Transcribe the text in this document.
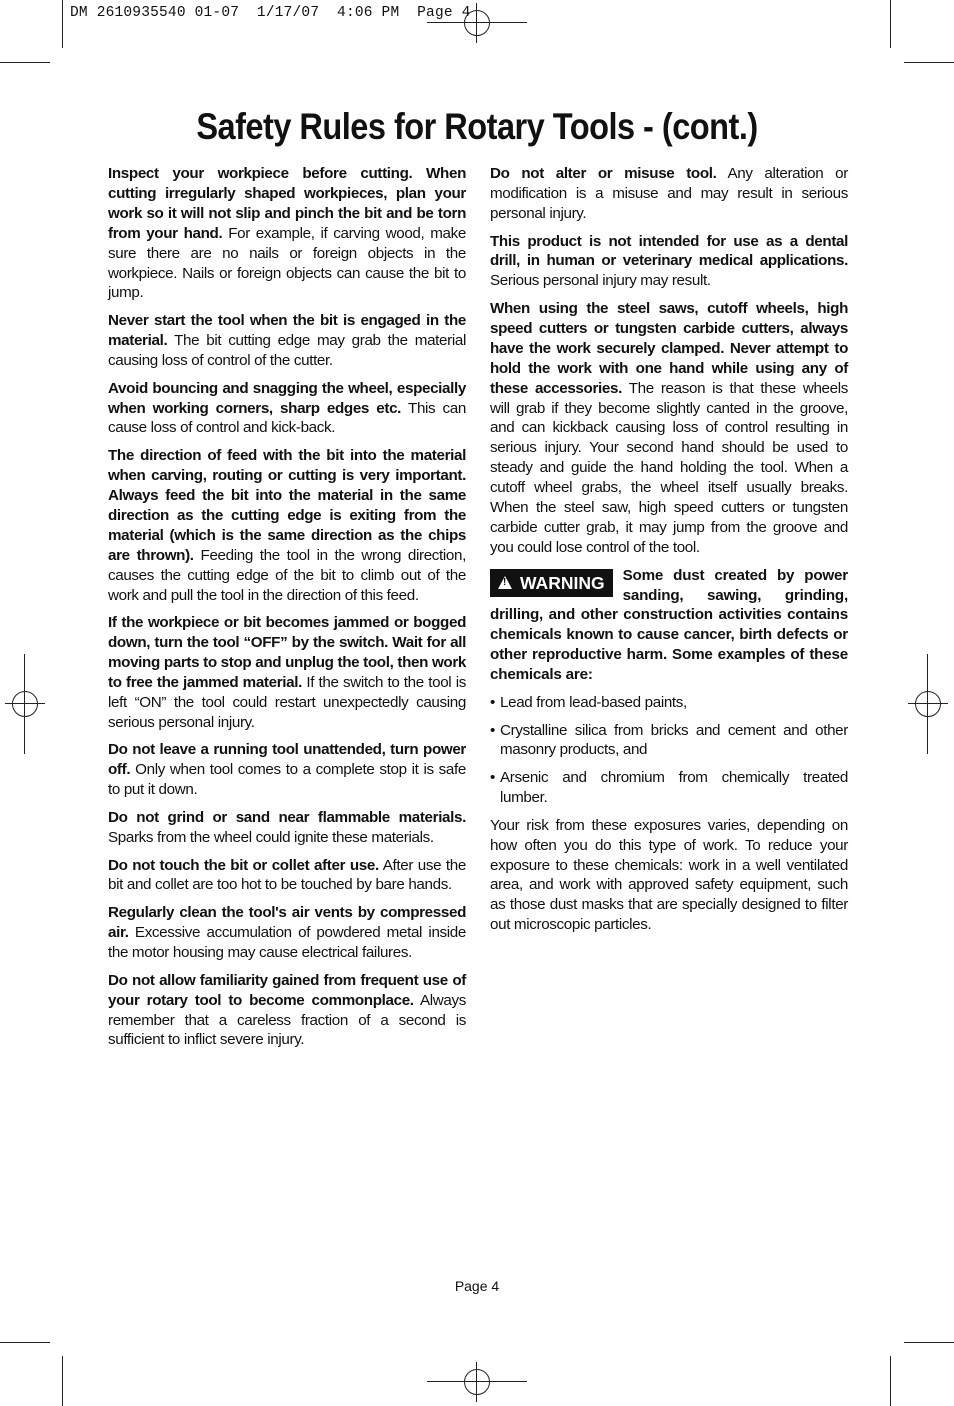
DM 2610935540 01-07  1/17/07  4:06 PM  Page 4
Safety Rules for Rotary Tools - (cont.)

Inspect your workpiece before cutting. When cutting irregularly shaped workpieces, plan your work so it will not slip and pinch the bit and be torn from your hand. For example, if carving wood, make sure there are no nails or foreign objects in the workpiece. Nails or foreign objects can cause the bit to jump.

Never start the tool when the bit is engaged in the material. The bit cutting edge may grab the material causing loss of control of the cutter.

Avoid bouncing and snagging the wheel, especially when working corners, sharp edges etc. This can cause loss of control and kick-back.

The direction of feed with the bit into the material when carving, routing or cutting is very important. Always feed the bit into the material in the same direction as the cutting edge is exiting from the material (which is the same direction as the chips are thrown). Feeding the tool in the wrong direction, causes the cutting edge of the bit to climb out of the work and pull the tool in the direction of this feed.

If the workpiece or bit becomes jammed or bogged down, turn the tool “OFF” by the switch. Wait for all moving parts to stop and unplug the tool, then work to free the jammed material. If the switch to the tool is left “ON” the tool could restart unexpectedly causing serious personal injury.

Do not leave a running tool unattended, turn power off. Only when tool comes to a complete stop it is safe to put it down.

Do not grind or sand near flammable materials. Sparks from the wheel could ignite these materials.

Do not touch the bit or collet after use. After use the bit and collet are too hot to be touched by bare hands.

Regularly clean the tool's air vents by compressed air. Excessive accumulation of powdered metal inside the motor housing may cause electrical failures.

Do not allow familiarity gained from frequent use of your rotary tool to become commonplace. Always remember that a careless fraction of a second is sufficient to inflict severe injury.

Do not alter or misuse tool. Any alteration or modification is a misuse and may result in serious personal injury.

This product is not intended for use as a dental drill, in human or veterinary medical applications. Serious personal injury may result.

When using the steel saws, cutoff wheels, high speed cutters or tungsten carbide cutters, always have the work securely clamped. Never attempt to hold the work with one hand while using any of these accessories. The reason is that these wheels will grab if they become slightly canted in the groove, and can kickback causing loss of control resulting in serious injury. Your second hand should be used to steady and guide the hand holding the tool. When a cutoff wheel grabs, the wheel itself usually breaks. When the steel saw, high speed cutters or tungsten carbide cutter grab, it may jump from the groove and you could lose control of the tool.

! WARNING Some dust created by power sanding, sawing, grinding, drilling, and other construction activities contains chemicals known to cause cancer, birth defects or other reproductive harm. Some examples of these chemicals are:

• Lead from lead-based paints,
• Crystalline silica from bricks and cement and other masonry products, and
• Arsenic and chromium from chemically treated lumber.

Your risk from these exposures varies, depending on how often you do this type of work. To reduce your exposure to these chemicals: work in a well ventilated area, and work with approved safety equipment, such as those dust masks that are specially designed to filter out microscopic particles.

Page 4
